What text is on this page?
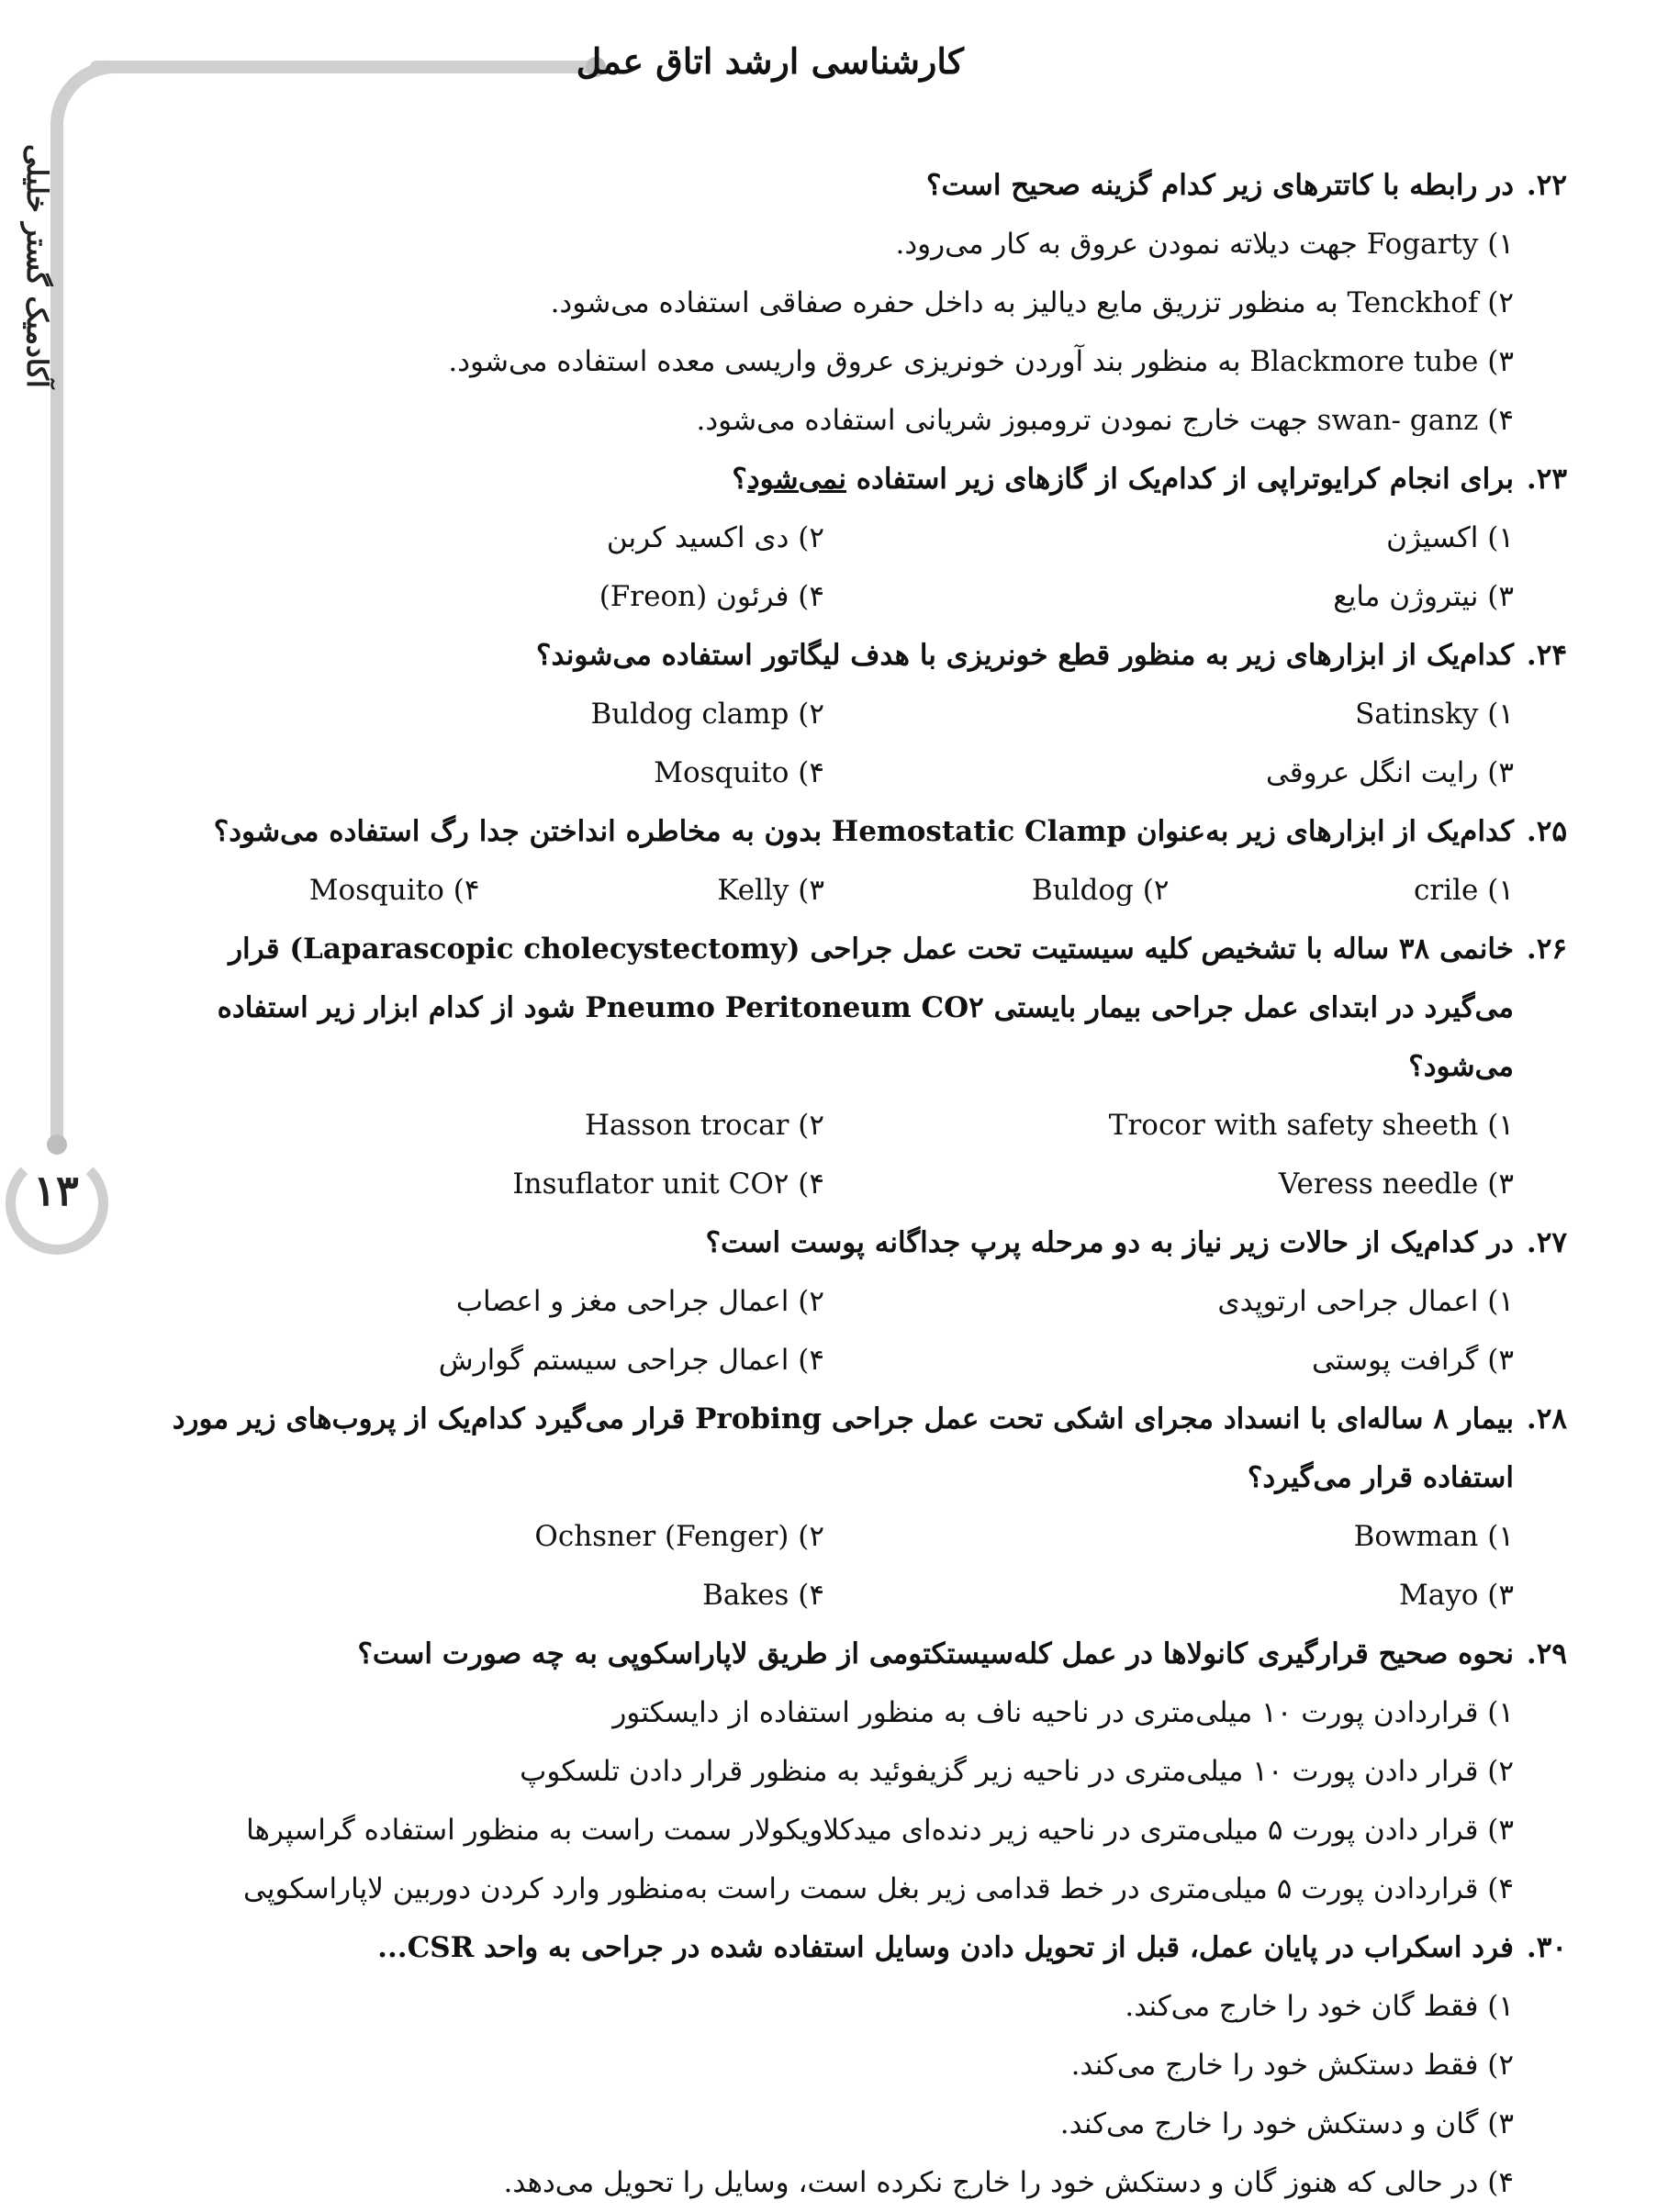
۱۳
آکادمیک گستر خلیلی
کارشناسی ارشد اتاق عمل
۲۲.
در رابطه با کاتترهای زیر کدام گزینه صحیح است؟
۱) Fogarty جهت دیلاته نمودن عروق به کار می‌رود.
۲) Tenckhof به منظور تزریق مایع دیالیز به داخل حفره صفاقی استفاده می‌شود.
۳) Blackmore tube به منظور بند آوردن خونریزی عروق واریسی معده استفاده می‌شود.
۴) swan- ganz جهت خارج نمودن ترومبوز شریانی استفاده می‌شود.
۲۳.
برای انجام کرایوتراپی از کدام‌یک از گازهای زیر استفاده نمی‌شود؟
۱) اکسیژن
۲) دی اکسید کربن
۳) نیتروژن مایع
۴) فرئون (Freon)
۲۴.
کدام‌یک از ابزارهای زیر به منظور قطع خونریزی با هدف لیگاتور استفاده می‌شوند؟
۱) Satinsky
۲) Buldog clamp
۳) رایت انگل عروقی
۴) Mosquito
۲۵.
کدام‌یک از ابزارهای زیر به‌عنوان Hemostatic Clamp بدون به مخاطره انداختن جدا رگ استفاده می‌شود؟
۱) crile
۲) Buldog
۳) Kelly
۴) Mosquito
۲۶.
خانمی ۳۸ ساله با تشخیص کلیه سیستیت تحت عمل جراحی (Laparascopic cholecystectomy) قرار می‌گیرد در ابتدای عمل جراحی بیمار بایستی Pneumo Peritoneum CO۲ شود از کدام ابزار زیر استفاده می‌شود؟
۱) Trocor with safety sheeth
۲) Hasson trocar
۳) Veress needle
۴) Insuflator unit CO۲
۲۷.
در کدام‌یک از حالات زیر نیاز به دو مرحله پرپ جداگانه پوست است؟
۱) اعمال جراحی ارتوپدی
۲) اعمال جراحی مغز و اعصاب
۳) گرافت پوستی
۴) اعمال جراحی سیستم گوارش
۲۸.
بیمار ۸ ساله‌ای با انسداد مجرای اشکی تحت عمل جراحی Probing قرار می‌گیرد کدام‌یک از پروب‌های زیر مورد استفاده قرار می‌گیرد؟
۱) Bowman
۲) Ochsner (Fenger)
۳) Mayo
۴) Bakes
۲۹.
نحوه صحیح قرارگیری کانولاها در عمل کله‌سیستکتومی از طریق لاپاراسکوپی به چه صورت است؟
۱) قراردادن پورت ۱۰ میلی‌متری در ناحیه ناف به منظور استفاده از دایسکتور
۲) قرار دادن پورت ۱۰ میلی‌متری در ناحیه زیر گزیفوئید به منظور قرار دادن تلسکوپ
۳) قرار دادن پورت ۵ میلی‌متری در ناحیه زیر دنده‌ای میدکلاویکولار سمت راست به منظور استفاده گراسپرها
۴) قراردادن پورت ۵ میلی‌متری در خط قدامی زیر بغل سمت راست به‌منظور وارد کردن دوربین لاپاراسکوپی
۳۰.
فرد اسکراب در پایان عمل، قبل از تحویل دادن وسایل استفاده شده در جراحی به واحد CSR...
۱) فقط گان خود را خارج می‌کند.
۲) فقط دستکش خود را خارج می‌کند.
۳) گان و دستکش خود را خارج می‌کند.
۴) در حالی که هنوز گان و دستکش خود را خارج نکرده است، وسایل را تحویل می‌دهد.
